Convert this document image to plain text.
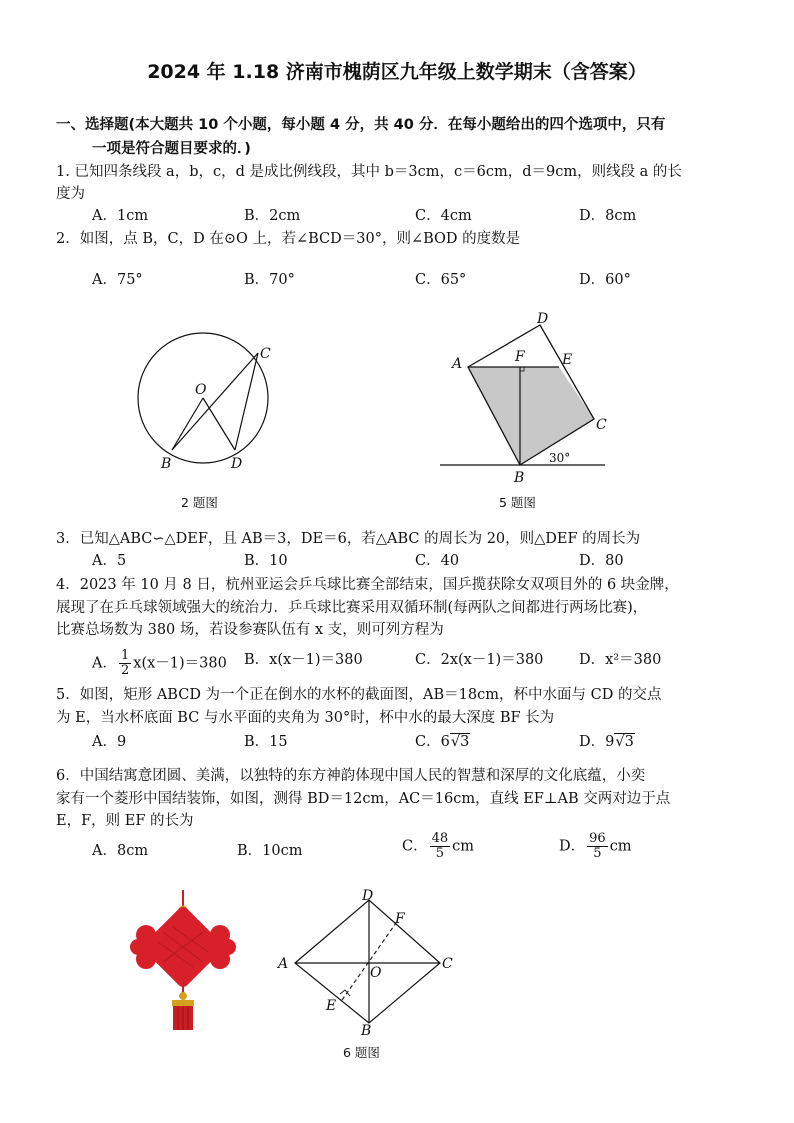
2024 年 1.18 济南市槐荫区九年级上数学期末（含答案）
一、选择题(本大题共 10 个小题，每小题 4 分，共 40 分．在每小题给出的四个选项中，只有
一项是符合题目要求的．)
1. 已知四条线段 a，b，c，d 是成比例线段，其中 b＝3cm，c＝6cm，d＝9cm，则线段 a 的长
度为
A．1cm	B．2cm	C．4cm	D．8cm
2．如图，点 B，C，D 在⊙O 上，若∠BCD＝30°，则∠BOD 的度数是
A．75°	B．70°	C．65°	D．60°
O
B
C
D
2 题图
D
A	F	E
C
B
30°
5 题图
3．已知△ABC∽△DEF，且 AB＝3，DE＝6，若△ABC 的周长为 20，则△DEF 的周长为
A．5	B．10	C．40	D．80
4．2023 年 10 月 8 日，杭州亚运会乒乓球比赛全部结束，国乒揽获除女双项目外的 6 块金牌，
展现了在乒乓球领域强大的统治力．乒乓球比赛采用双循环制(每两队之间都进行两场比赛)，
比赛总场数为 380 场，若设参赛队伍有 x 支，则可列方程为
A． $\frac{1}{2} x(x-1)=380$ B．x(x－1)＝380	C．2x(x－1)＝380 D．x²＝380
5．如图，矩形 ABCD 为一个正在倒水的水杯的截面图，AB＝18cm，杯中水面与 CD 的交点
为 E，当水杯底面 BC 与水平面的夹角为 30°时，杯中水的最大深度 BF 长为
A．9	B．15	C．6√3	D．9√3
6．中国结寓意团圆、美满，以独特的东方神韵体现中国人民的智慧和深厚的文化底蕴，小奕
家有一个菱形中国结装饰，如图，测得 BD＝12cm，AC＝16cm，直线 EF⊥AB 交两对边于点
E，F，则 EF 的长为
A．8cm	B．10cm	C． $\frac{48}{5}$ cm	D． $\frac{96}{5}$ cm
D
F
A
O
C
E
B
6 题图
